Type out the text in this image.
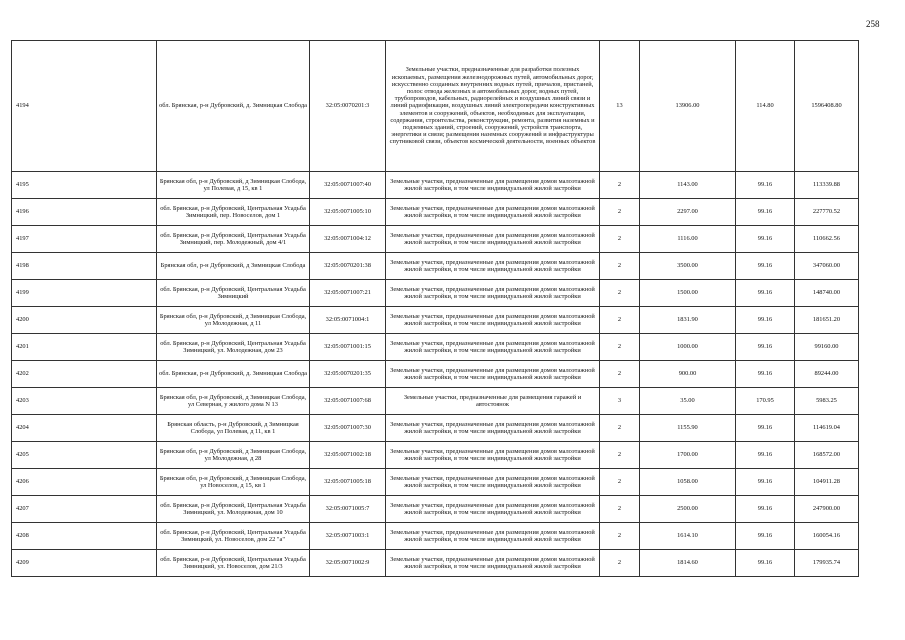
258
4194	обл. Брянская, р-н Дубровский, д. Зимницкая Слобода	32:05:0070201:3	Земельные участки, предназначенные для разработки полезных ископаемых, размещения железнодорожных путей, автомобильных дорог, искусственно созданных внутренних водных путей, причалов, пристаней, полос отвода железных и автомобильных дорог, водных путей, трубопроводов, кабельных, радиорелейных и воздушных линий связи и линий радиофикации, воздушных линий электропередачи конструктивных элементов и сооружений, объектов, необходимых для эксплуатации, содержания, строительства, реконструкции, ремонта, развития наземных и подземных зданий, строений, сооружений, устройств транспорта, энергетики и связи; размещения наземных сооружений и инфраструктуры спутниковой связи, объектов космической деятельности, военных объектов	13	13906.00	114.80	1596408.80
4195	Брянская обл, р-н Дубровский, д Зимницкая Слобода, ул Полевая, д 15, кв 1	32:05:0071007:40	Земельные участки, предназначенные для размещения домов малоэтажной жилой застройки, в том числе индивидуальной жилой застройки	2	1143.00	99.16	113339.88
4196	обл. Брянская, р-н Дубровский, Центральная Усадьба Зимницкий, пер. Новоселов, дом 1	32:05:0071005:10	Земельные участки, предназначенные для размещения домов малоэтажной жилой застройки, в том числе индивидуальной жилой застройки	2	2297.00	99.16	227770.52
4197	обл. Брянская, р-н Дубровский, Центральная Усадьба Зимницкий, пер. Молодежный, дом 4/1	32:05:0071004:12	Земельные участки, предназначенные для размещения домов малоэтажной жилой застройки, в том числе индивидуальной жилой застройки	2	1116.00	99.16	110662.56
4198	Брянская обл, р-н Дубровский, д Зимницкая Слобода	32:05:0070201:38	Земельные участки, предназначенные для размещения домов малоэтажной жилой застройки, в том числе индивидуальной жилой застройки	2	3500.00	99.16	347060.00
4199	обл. Брянская, р-н Дубровский, Центральная Усадьба Зимницкий	32:05:0071007:21	Земельные участки, предназначенные для размещения домов малоэтажной жилой застройки, в том числе индивидуальной жилой застройки	2	1500.00	99.16	148740.00
4200	Брянская обл, р-н Дубровский, д Зимницкая Слобода, ул Молодежная, д 11	32:05:0071004:1	Земельные участки, предназначенные для размещения домов малоэтажной жилой застройки, в том числе индивидуальной жилой застройки	2	1831.90	99.16	181651.20
4201	обл. Брянская, р-н Дубровский, Центральная Усадьба Зимницкий, ул. Молодежная, дом 23	32:05:0071001:15	Земельные участки, предназначенные для размещения домов малоэтажной жилой застройки, в том числе индивидуальной жилой застройки	2	1000.00	99.16	99160.00
4202	обл. Брянская, р-н Дубровский, д. Зимницкая Слобода	32:05:0070201:35	Земельные участки, предназначенные для размещения домов малоэтажной жилой застройки, в том числе индивидуальной жилой застройки	2	900.00	99.16	89244.00
4203	Брянская обл, р-н Дубровский, д Зимницкая Слобода, ул Северная, у жилого дома N 13	32:05:0071007:68	Земельные участки, предназначенные для размещения гаражей и автостоянок	3	35.00	170.95	5983.25
4204	Брянская область, р-н Дубровский, д Зимницкая Слобода, ул Полевая, д 11, кв 1	32:05:0071007:30	Земельные участки, предназначенные для размещения домов малоэтажной жилой застройки, в том числе индивидуальной жилой застройки	2	1155.90	99.16	114619.04
4205	Брянская обл, р-н Дубровский, д Зимницкая Слобода, ул Молодежная, д 28	32:05:0071002:18	Земельные участки, предназначенные для размещения домов малоэтажной жилой застройки, в том числе индивидуальной жилой застройки	2	1700.00	99.16	168572.00
4206	Брянская обл, р-н Дубровский, д Зимницкая Слобода, ул Новоселов, д 15, кв 1	32:05:0071005:18	Земельные участки, предназначенные для размещения домов малоэтажной жилой застройки, в том числе индивидуальной жилой застройки	2	1058.00	99.16	104911.28
4207	обл. Брянская, р-н Дубровский, Центральная Усадьба Зимницкий, ул. Молодежная, дом 10	32:05:0071005:7	Земельные участки, предназначенные для размещения домов малоэтажной жилой застройки, в том числе индивидуальной жилой застройки	2	2500.00	99.16	247900.00
4208	обл. Брянская, р-н Дубровский, Центральная Усадьба Зимницкий, ул. Новоселов, дом 22 "а"	32:05:0071003:1	Земельные участки, предназначенные для размещения домов малоэтажной жилой застройки, в том числе индивидуальной жилой застройки	2	1614.10	99.16	160054.16
4209	обл. Брянская, р-н Дубровский, Центральная Усадьба Зимницкий, ул. Новоселов, дом 21/3	32:05:0071002:9	Земельные участки, предназначенные для размещения домов малоэтажной жилой застройки, в том числе индивидуальной жилой застройки	2	1814.60	99.16	179935.74
